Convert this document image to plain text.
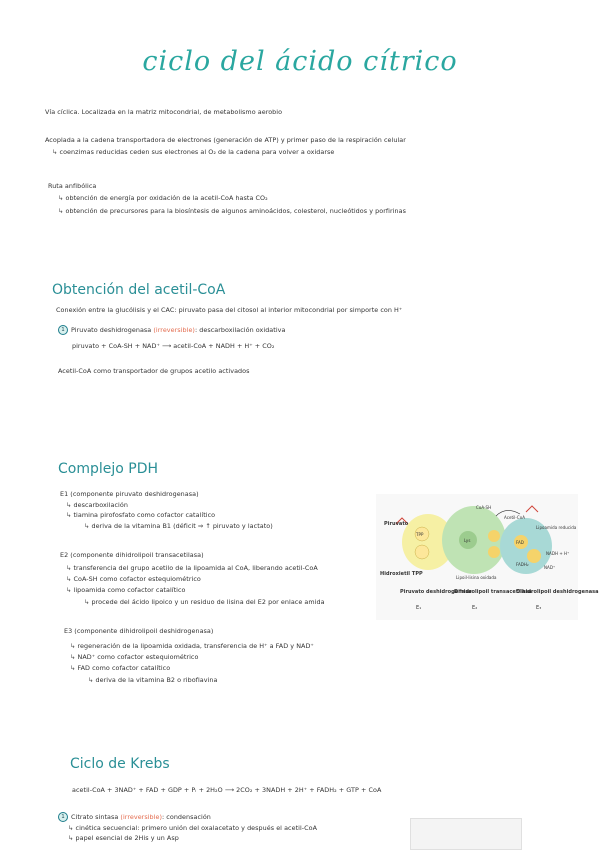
ciclo del ácido cítrico
Vía cíclica. Localizada en la matriz mitocondrial, de metabolismo aerobio
Acoplada a la cadena transportadora de electrones (generación de ATP) y primer paso de la respiración celular
↳ coenzimas reducidas ceden sus electrones al O₂ de la cadena para volver a oxidarse
Ruta anfibólica
↳ obtención de energía por oxidación de la acetil-CoA hasta CO₂
↳ obtención de precursores para la biosíntesis de algunos aminoácidos, colesterol, nucleótidos y porfirinas
Obtención del acetil-CoA
Conexión entre la glucólisis y el CAC: piruvato pasa del citosol al interior mitocondrial por simporte con H⁺
1 Piruvato deshidrogenasa (irreversible): descarboxilación oxidativa
piruvato + CoA-SH + NAD⁺ ⟶ acetil-CoA + NADH + H⁺ + CO₂
Acetil-CoA como transportador de grupos acetilo activados
Complejo PDH
E1 (componente piruvato deshidrogenasa)
↳ descarboxilación
↳ tiamina pirofosfato como cofactor catalítico
↳ deriva de la vitamina B1 (déficit ⇒ ↑ piruvato y lactato)
E2 (componente dihidrolipoil transacetilasa)
↳ transferencia del grupo acetilo de la lipoamida al CoA, liberando acetil-CoA
↳ CoA-SH como cofactor estequiométrico
↳ lipoamida como cofactor catalítico
↳ procede del ácido lipoico y un residuo de lisina del E2 por enlace amida
E3 (componente dihidrolipoil deshidrogenasa)
↳ regeneración de la lipoamida oxidada, transferencia de H⁺ a FAD y NAD⁺
↳ NAD⁺ como cofactor estequiométrico
↳ FAD como cofactor catalítico
↳ deriva de la vitamina B2 o riboflavina
Piruvato
TPP
CoA-SH
Acetil-CoA
Lipoamida reducida
Lys	FAD
NADH + H⁺
NAD⁺
FADH₂
Lipoil-lisina oxidada
Hidroxietil TPP
Piruvato deshidrogenasa
E₁
Dihidrolipoil transacetilasa
E₂
Dihidrolipoil deshidrogenasa
E₃
Ciclo de Krebs
acetil-CoA + 3NAD⁺ + FAD + GDP + Pᵢ + 2H₂O ⟶ 2CO₂ + 3NADH + 2H⁺ + FADH₂ + GTP + CoA
1 Citrato sintasa (irreversible): condensación
↳ cinética secuencial: primero unión del oxalacetato y después el acetil-CoA
↳ papel esencial de 2His y un Asp
